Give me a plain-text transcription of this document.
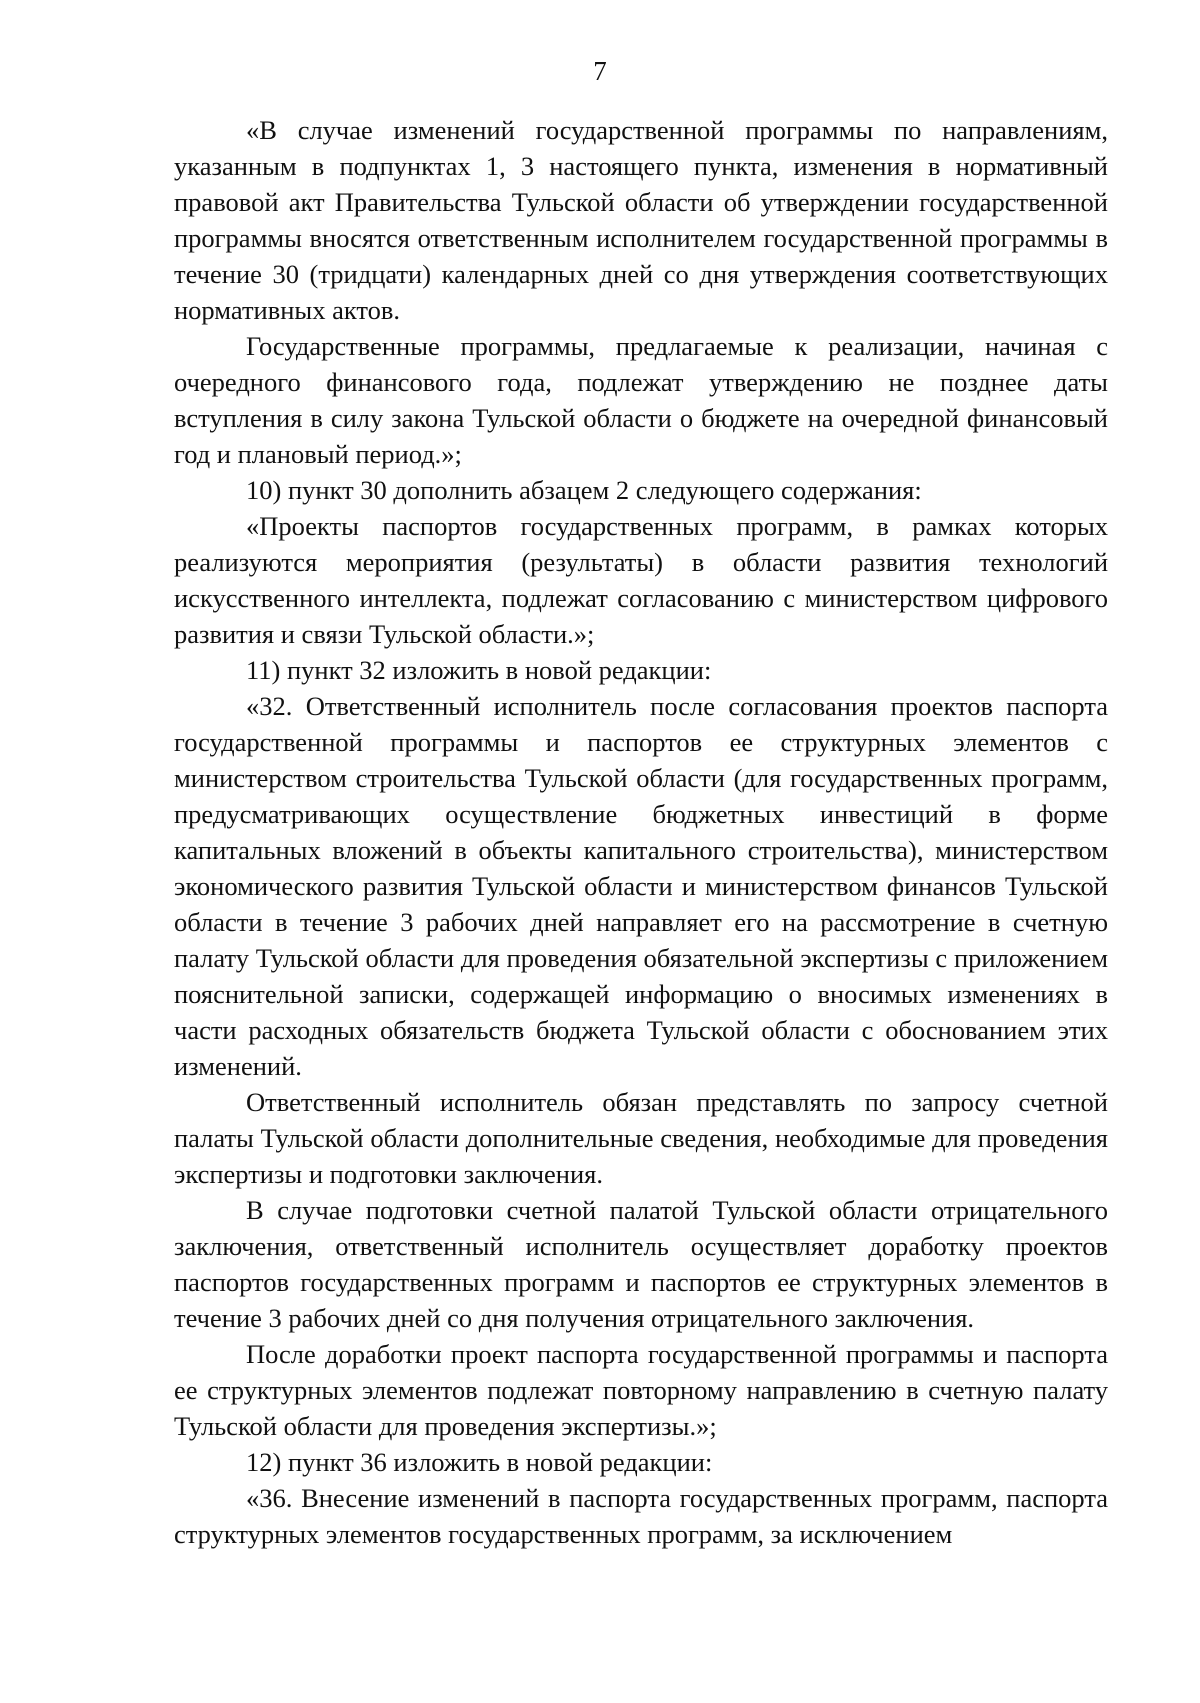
7

«В случае изменений государственной программы по направлениям, указанным в подпунктах 1, 3 настоящего пункта, изменения в нормативный правовой акт Правительства Тульской области об утверждении государственной программы вносятся ответственным исполнителем государственной программы в течение 30 (тридцати) календарных дней со дня утверждения соответствующих нормативных актов.

Государственные программы, предлагаемые к реализации, начиная с очередного финансового года, подлежат утверждению не позднее даты вступления в силу закона Тульской области о бюджете на очередной финансовый год и плановый период.»;

10) пункт 30 дополнить абзацем 2 следующего содержания:

«Проекты паспортов государственных программ, в рамках которых реализуются мероприятия (результаты) в области развития технологий искусственного интеллекта, подлежат согласованию с министерством цифрового развития и связи Тульской области.»;

11) пункт 32 изложить в новой редакции:

«32. Ответственный исполнитель после согласования проектов паспорта государственной программы и паспортов ее структурных элементов с министерством строительства Тульской области (для государственных программ, предусматривающих осуществление бюджетных инвестиций в форме капитальных вложений в объекты капитального строительства), министерством экономического развития Тульской области и министерством финансов Тульской области в течение 3 рабочих дней направляет его на рассмотрение в счетную палату Тульской области для проведения обязательной экспертизы с приложением пояснительной записки, содержащей информацию о вносимых изменениях в части расходных обязательств бюджета Тульской области с обоснованием этих изменений.

Ответственный исполнитель обязан представлять по запросу счетной палаты Тульской области дополнительные сведения, необходимые для проведения экспертизы и подготовки заключения.

В случае подготовки счетной палатой Тульской области отрицательного заключения, ответственный исполнитель осуществляет доработку проектов паспортов государственных программ и паспортов ее структурных элементов в течение 3 рабочих дней со дня получения отрицательного заключения.

После доработки проект паспорта государственной программы и паспорта ее структурных элементов подлежат повторному направлению в счетную палату Тульской области для проведения экспертизы.»;

12) пункт 36 изложить в новой редакции:

«36. Внесение изменений в паспорта государственных программ, паспорта структурных элементов государственных программ, за исключением
